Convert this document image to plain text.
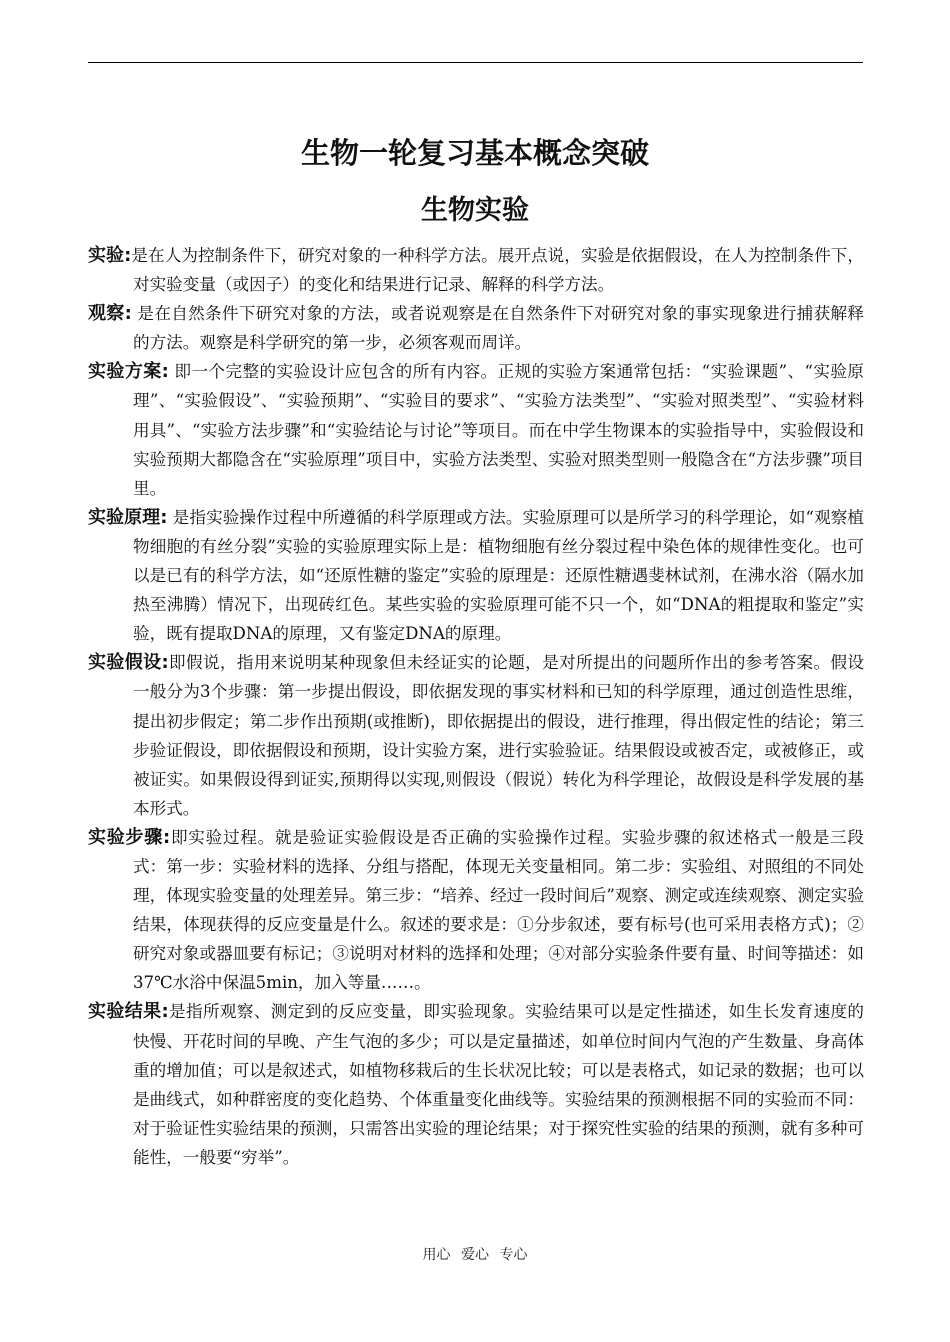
生物一轮复习基本概念突破
生物实验

实验:是在人为控制条件下，研究对象的一种科学方法。展开点说，实验是依据假设，在人为控制条件下，对实验变量（或因子）的变化和结果进行记录、解释的科学方法。

观察: 是在自然条件下研究对象的方法，或者说观察是在自然条件下对研究对象的事实现象进行捕获解释的方法。观察是科学研究的第一步，必须客观而周详。

实验方案: 即一个完整的实验设计应包含的所有内容。正规的实验方案通常包括：“实验课题”、“实验原理”、“实验假设”、“实验预期”、“实验目的要求”、“实验方法类型”、“实验对照类型”、“实验材料用具”、“实验方法步骤”和“实验结论与讨论”等项目。而在中学生物课本的实验指导中，实验假设和实验预期大都隐含在“实验原理”项目中，实验方法类型、实验对照类型则一般隐含在“方法步骤”项目里。

实验原理: 是指实验操作过程中所遵循的科学原理或方法。实验原理可以是所学习的科学理论，如“观察植物细胞的有丝分裂”实验的实验原理实际上是：植物细胞有丝分裂过程中染色体的规律性变化。也可以是已有的科学方法，如“还原性糖的鉴定”实验的原理是：还原性糖遇斐林试剂，在沸水浴（隔水加热至沸腾）情况下，出现砖红色。某些实验的实验原理可能不只一个，如“DNA的粗提取和鉴定”实验，既有提取DNA的原理，又有鉴定DNA的原理。

实验假设:即假说，指用来说明某种现象但未经证实的论题，是对所提出的问题所作出的参考答案。假设一般分为3个步骤：第一步提出假设，即依据发现的事实材料和已知的科学原理，通过创造性思维，提出初步假定；第二步作出预期(或推断)，即依据提出的假设，进行推理，得出假定性的结论；第三步验证假设，即依据假设和预期，设计实验方案，进行实验验证。结果假设或被否定，或被修正，或被证实。如果假设得到证实,预期得以实现,则假设（假说）转化为科学理论，故假设是科学发展的基本形式。

实验步骤:即实验过程。就是验证实验假设是否正确的实验操作过程。实验步骤的叙述格式一般是三段式：第一步：实验材料的选择、分组与搭配，体现无关变量相同。第二步：实验组、对照组的不同处理，体现实验变量的处理差异。第三步：“培养、经过一段时间后”观察、测定或连续观察、测定实验结果，体现获得的反应变量是什么。叙述的要求是：①分步叙述，要有标号(也可采用表格方式)；②研究对象或器皿要有标记；③说明对材料的选择和处理；④对部分实验条件要有量、时间等描述：如37℃水浴中保温5min，加入等量……。

实验结果:是指所观察、测定到的反应变量，即实验现象。实验结果可以是定性描述，如生长发育速度的快慢、开花时间的早晚、产生气泡的多少；可以是定量描述，如单位时间内气泡的产生数量、身高体重的增加值；可以是叙述式，如植物移栽后的生长状况比较；可以是表格式，如记录的数据；也可以是曲线式，如种群密度的变化趋势、个体重量变化曲线等。实验结果的预测根据不同的实验而不同：对于验证性实验结果的预测，只需答出实验的理论结果；对于探究性实验的结果的预测，就有多种可能性，一般要“穷举”。

用心 爱心 专心
